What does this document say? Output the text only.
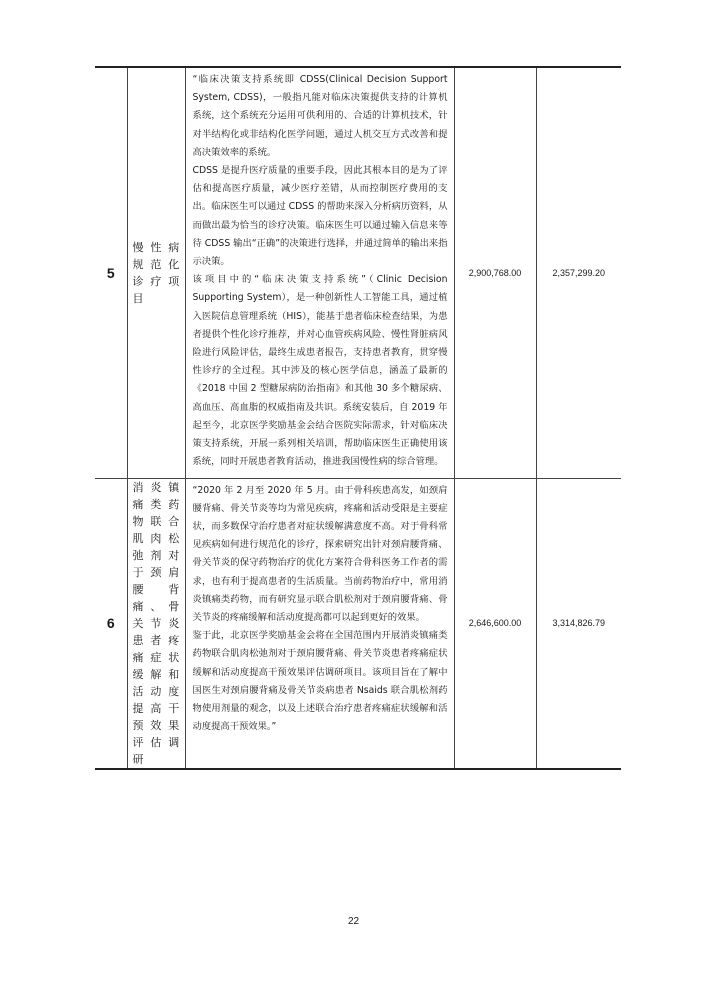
5	慢性病规范化诊疗项目	“临床决策支持系统即 CDSS(Clinical Decision Support System, CDSS)，一般指凡能对临床决策提供支持的计算机系统，这个系统充分运用可供利用的、合适的计算机技术，针对半结构化或非结构化医学问题，通过人机交互方式改善和提高决策效率的系统。

CDSS 是提升医疗质量的重要手段，因此其根本目的是为了评估和提高医疗质量，减少医疗差错，从而控制医疗费用的支出。临床医生可以通过 CDSS 的帮助来深入分析病历资料，从而做出最为恰当的诊疗决策。临床医生可以通过输入信息来等待 CDSS 输出“正确”的决策进行选择，并通过简单的输出来指示决策。

该项目中的“临床决策支持系统”（Clinic Decision Supporting System），是一种创新性人工智能工具，通过植入医院信息管理系统（HIS），能基于患者临床检查结果，为患者提供个性化诊疗推荐，并对心血管疾病风险、慢性肾脏病风险进行风险评估，最终生成患者报告，支持患者教育，贯穿慢性诊疗的全过程。其中涉及的核心医学信息，涵盖了最新的《2018 中国 2 型糖尿病防治指南》和其他 30 多个糖尿病、高血压、高血脂的权威指南及共识。系统安装后，自 2019 年起至今，北京医学奖励基金会结合医院实际需求，针对临床决策支持系统，开展一系列相关培训，帮助临床医生正确使用该系统，同时开展患者教育活动，推进我国慢性病的综合管理。	2,900,768.00	2,357,299.20
6	消炎镇痛类药物联合肌肉松弛剂对于颈肩腰背痛、骨关节炎患者疼痛症状缓解和活动度提高干预效果评估调研	“2020 年 2 月至 2020 年 5 月。由于骨科疾患高发，如颈肩腰背痛、骨关节炎等均为常见疾病，疼痛和活动受限是主要症状，而多数保守治疗患者对症状缓解满意度不高。对于骨科常见疾病如何进行规范化的诊疗，探索研究出针对颈肩腰背痛、骨关节炎的保守药物治疗的优化方案符合骨科医务工作者的需求，也有利于提高患者的生活质量。当前药物治疗中，常用消炎镇痛类药物，而有研究显示联合肌松剂对于颈肩腰背痛、骨关节炎的疼痛缓解和活动度提高都可以起到更好的效果。

鉴于此，北京医学奖励基金会将在全国范围内开展消炎镇痛类药物联合肌肉松弛剂对于颈肩腰背痛、骨关节炎患者疼痛症状缓解和活动度提高干预效果评估调研项目。该项目旨在了解中国医生对颈肩腰背痛及骨关节炎病患者 Nsaids 联合肌松剂药物使用剂量的观念，以及上述联合治疗患者疼痛症状缓解和活动度提高干预效果。”	2,646,600.00	3,314,826.79
22
